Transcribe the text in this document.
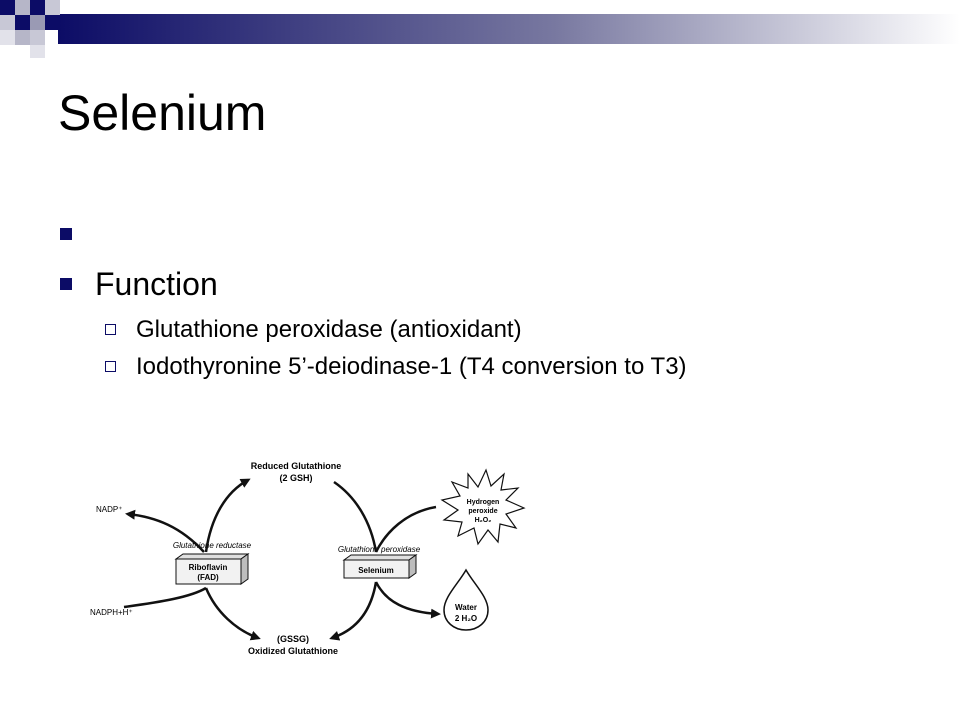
Selenium
Function
Glutathione peroxidase (antioxidant)
Iodothyronine 5’-deiodinase-1 (T4 conversion to T3)
Reduced Glutathione
(2 GSH)
(GSSG)
Oxidized Glutathione
NADP⁺
NADPH+H⁺
Glutathione reductase	Glutathione peroxidase
Riboflavin
(FAD)
Selenium
Hydrogen
peroxide
H₂O₂
Water
2 H₂O
